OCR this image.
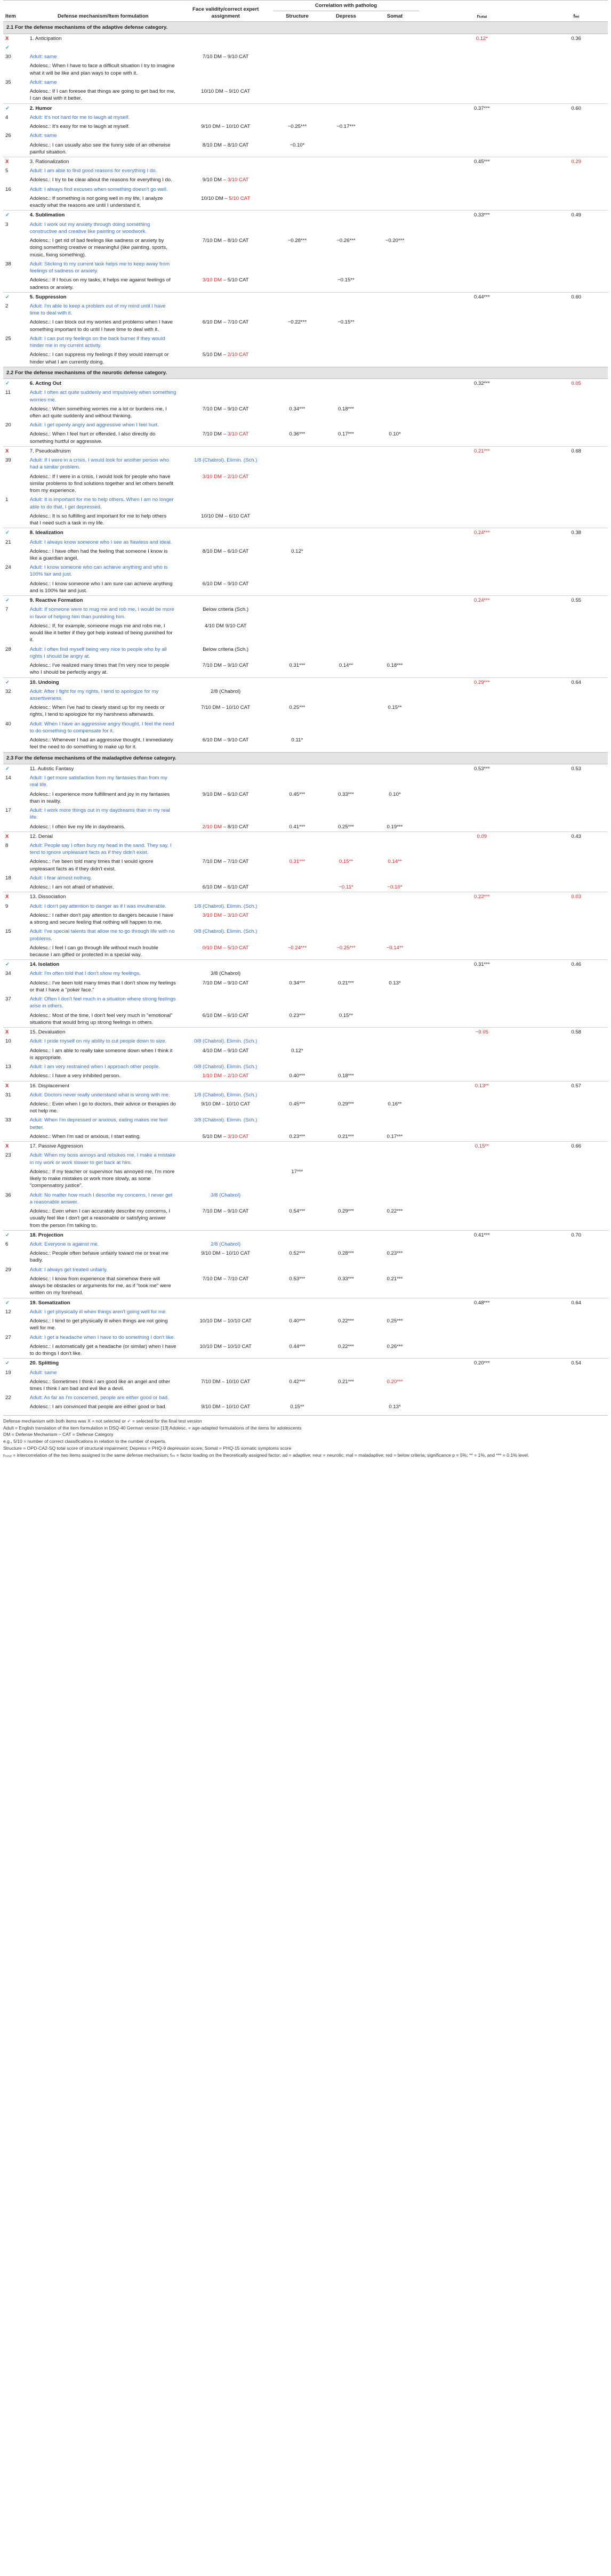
Item	Defense mechanism/Item formulation	Face validity/correct expert assignment	Correlation with patholog			rₜₒₜₐₗ	fₘₗ
			Structure	Depress	Somat		
2.1 For the defense mechanisms of the adaptive defense category.							
X	1. Anticipation					0.12*	0.36
✓							
30	Adult: same	7/10 DM – 9/10 CAT					
	Adolesc.: When I have to face a difficult situation I try to imagine what it will be like and plan ways to cope with it.						
35	Adult: same						
	Adolesc.: If I can foresee that things are going to get bad for me, I can deal with it better.	10/10 DM – 9/10 CAT					
✓	2. Humor					0.37***	0.60
4	Adult: It's not hard for me to laugh at myself.						
	Adolesc.: It's easy for me to laugh at myself.	9/10 DM – 10/10 CAT	−0.25***	−0.17***			
26	Adult: same						
	Adolesc.: I can usually also see the funny side of an otherwise painful situation.	8/10 DM – 8/10 CAT	−0.10*				
X	3. Rationalization					0.45***	0.29
5	Adult: I am able to find good reasons for everything I do.						
	Adolesc.: I try to be clear about the reasons for everything I do.	9/10 DM – 3/10 CAT					
16	Adult: I always find excuses when something doesn't go well.						
	Adolesc.: If something is not going well in my life, I analyze exactly what the reasons are until I understand it.	10/10 DM – 5/10 CAT					
✓	4. Sublimation					0.33***	0.49
3	Adult: I work out my anxiety through doing something constructive and creative like painting or woodwork.						
	Adolesc.: I get rid of bad feelings like sadness or anxiety by doing something creative or meaningful (like painting, sports, music, fixing something).	7/10 DM – 8/10 CAT	−0.28***	−0.26***	−0.20***		
38	Adult: Sticking to my current task helps me to keep away from feelings of sadness or anxiety.						
	Adolesc.: If I focus on my tasks, it helps me against feelings of sadness or anxiety.	3/10 DM – 5/10 CAT		−0.15**			
✓	5. Suppression					0.44***	0.60
2	Adult: I'm able to keep a problem out of my mind until I have time to deal with it.						
	Adolesc.: I can block out my worries and problems when I have something important to do until I have time to deal with it.	6/10 DM – 7/10 CAT	−0.22***	−0.15**			
25	Adult: I can put my feelings on the back burner if they would hinder me in my current activity.						
	Adolesc.: I can suppress my feelings if they would interrupt or hinder what I am currently doing.	5/10 DM – 2/10 CAT					
2.2 For the defense mechanisms of the neurotic defense category.							
✓	6. Acting Out					0.32***	0.05
11	Adult: I often act quite suddenly and impulsively when something worries me.						
	Adolesc.: When something worries me a lot or burdens me, I often act quite suddenly and without thinking.	7/10 DM – 9/10 CAT	0.34***	0.18***			
20	Adult: I get openly angry and aggressive when I feel hurt.						
	Adolesc.: When I feel hurt or offended, I also directly do something hurtful or aggressive.	7/10 DM – 3/10 CAT	0.36***	0.17***	0.10*		
X	7. Pseudoaltruism					0.21***	0.68
39	Adult: If I were in a crisis, I would look for another person who had a similar problem.	1/8 (Chabrol). Elimin. (Sch.)					
	Adolesc.: If I were in a crisis, I would look for people who have similar problems to find solutions together and let others benefit from my experience.	3/10 DM – 2/10 CAT					
1	Adult: It is important for me to help others. When I am no longer able to do that, I get depressed.						
	Adolesc.: It is so fulfilling and important for me to help others that I need such a task in my life.	10/10 DM – 6/10 CAT					
✓	8. Idealization					0.24***	0.38
21	Adult: I always know someone who I see as flawless and ideal.						
	Adolesc.: I have often had the feeling that someone I know is like a guardian angel.	8/10 DM – 6/10 CAT	0.12*				
24	Adult: I know someone who can achieve anything and who is 100% fair and just.						
	Adolesc.: I know someone who I am sure can achieve anything and is 100% fair and just.	6/10 DM – 9/10 CAT					
✓	9. Reactive Formation					0.24***	0.55
7	Adult: If someone were to mug me and rob me, I would be more in favor of helping him than punishing him.	Below criteria (Sch.)					
	Adolesc.: If, for example, someone mugs me and robs me, I would like it better if they got help instead of being punished for it.	4/10 DM 9/10 CAT					
28	Adult: I often find myself being very nice to people who by all rights I should be angry at.	Below criteria (Sch.)					
	Adolesc.: I've realized many times that I'm very nice to people who I should be perfectly angry at.	7/10 DM – 9/10 CAT	0.31***	0.14**	0.18***		
✓	10. Undoing					0.29***	0.64
32	Adult: After I fight for my rights, I tend to apologize for my assertiveness.	2/8 (Chabrol)					
	Adolesc.: When I've had to clearly stand up for my needs or rights, I tend to apologize for my harshness afterwards.	7/10 DM – 10/10 CAT	0.25***		0.15**		
40	Adult: When I have an aggressive angry thought, I feel the need to do something to compensate for it.						
	Adolesc.: Whenever I had an aggressive thought, I immediately feel the need to do something to make up for it.	6/10 DM – 9/10 CAT	0.11*				
2.3 For the defense mechanisms of the maladaptive defense category.							
✓	11. Autistic Fantasy					0.53***	0.53
14	Adult: I get more satisfaction from my fantasies than from my real life.						
	Adolesc.: I experience more fulfillment and joy in my fantasies than in reality.	9/10 DM – 6/10 CAT	0.45***	0.33***	0.10*		
17	Adult: I work more things out in my daydreams than in my real life.						
	Adolesc.: I often live my life in daydreams.	2/10 DM – 8/10 CAT	0.41***	0.25***	0.19***		
X	12. Denial					0.09	0.43
8	Adult: People say I often bury my head in the sand. They say, I tend to ignore unpleasant facts as if they didn't exist.						
	Adolesc.: I've been told many times that I would ignore unpleasant facts as if they didn't exist.	7/10 DM – 7/10 CAT	0.31***	0.15**	0.14**		
18	Adult: I fear almost nothing.						
	Adolesc.: I am not afraid of whatever.	6/10 DM – 6/10 CAT		−0.11*	−0.10*		
X	13. Dissociation					0.22***	0.03
9	Adult: I don't pay attention to danger as if I was invulnerable.	1/8 (Chabrol). Elimin. (Sch.)					
	Adolesc.: I rather don't pay attention to dangers because I have a strong and secure feeling that nothing will happen to me.	3/10 DM – 3/10 CAT					
15	Adult: I've special talents that allow me to go through life with no problems.	0/8 (Chabrol). Elimin. (Sch.)					
	Adolesc.: I feel I can go through life without much trouble because I am gifted or protected in a special way.	0/10 DM – 5/10 CAT	−0.24***	−0.25***	−0.14**		
✓	14. Isolation					0.31***	0.46
34	Adult: I'm often told that I don't show my feelings.	3/8 (Chabrol)					
	Adolesc.: I've been told many times that I don't show my feelings or that I have a "poker face."	7/10 DM – 9/10 CAT	0.34***	0.21***	0.13*		
37	Adult: Often I don't feel much in a situation where strong feelings arise in others.						
	Adolesc.: Most of the time, I don't feel very much in "emotional" situations that would bring up strong feelings in others.	6/10 DM – 6/10 CAT	0.23***	0.15**			
X	15. Devaluation					−0.05	0.58
10	Adult: I pride myself on my ability to cut people down to size.	0/8 (Chabrol). Elimin. (Sch.)					
	Adolesc.: I am able to really take someone down when I think it is appropriate.	4/10 DM – 9/10 CAT	0.12*				
13	Adult: I am very restrained when I approach other people.	0/8 (Chabrol). Elimin. (Sch.)					
	Adolesc.: I have a very inhibited person.	1/10 DM – 2/10 CAT	0.40***	0.18***			
X	16. Displacement					0.13**	0.57
31	Adult: Doctors never really understand what is wrong with me.	1/8 (Chabrol), Elimin. (Sch.)					
	Adolesc.: Even when I go to doctors, their advice or therapies do not help me.	9/10 DM – 10/10 CAT	0.45***	0.29***	0.16**		
33	Adult: When I'm depressed or anxious, eating makes me feel better.	3/8 (Chabrol). Elimin. (Sch.)					
	Adolesc.: When I'm sad or anxious, I start eating.	5/10 DM – 3/10 CAT	0.23***	0.21***	0.17***		
X	17. Passive Aggression					0.15**	0.66
23	Adult: When my boss annoys and rebukes me, I make a mistake in my work or work slower to get back at him.						
	Adolesc.: If my teacher or supervisor has annoyed me, I'm more likely to make mistakes or work more slowly, as some "compensatory justice".		17***				
36	Adult: No matter how much I describe my concerns, I never get a reasonable answer.	3/8 (Chabrol)					
	Adolesc.: Even when I can accurately describe my concerns, I usually feel like I don't get a reasonable or satisfying answer from the person I'm talking to.	7/10 DM – 9/10 CAT	0.54***	0.29***	0.22***		
✓	18. Projection					0.41***	0.70
6	Adult: Everyone is against me.	2/8 (Chabrol)					
	Adolesc.: People often behave unfairly toward me or treat me badly.	9/10 DM – 10/10 CAT	0.52***	0.28***	0.23***		
29	Adult: I always get treated unfairly.						
	Adolesc.: I know from experience that somehow there will always be obstacles or arguments for me, as if "took me" were written on my forehead.	7/10 DM – 7/10 CAT	0.53***	0.33***	0.21***		
✓	19. Somatization					0.48***	0.64
12	Adult: I get physically ill when things aren't going well for me.						
	Adolesc.: I tend to get physically ill when things are not going well for me.	10/10 DM – 10/10 CAT	0.40***	0.22***	0.25***		
27	Adult: I get a headache when I have to do something I don't like.						
	Adolesc.: I automatically get a headache (or similar) when I have to do things I don't like.	10/10 DM – 10/10 CAT	0.44***	0.22***	0.26***		
✓	20. Splitting					0.20***	0.54
19	Adult: same						
	Adolesc.: Sometimes I think I am good like an angel and other times I think I am bad and evil like a devil.	7/10 DM – 10/10 CAT	0.42***	0.21***	0.20***		
22	Adult: As far as I'm concerned, people are either good or bad.						
	Adolesc.: I am convinced that people are either good or bad.	9/10 DM – 10/10 CAT	0.15**		0.13*		
Defense mechanism with both items was X = not selected or ✓ = selected for the final test version
Adult = English translation of the item formulation in DSQ-40 German version [13] Adolesc. = age-adapted formulations of the items for adolescents
DM = Defense Mechanism – CAT = Defense Category
e.g., 5/10 = number of correct classifications in relation to the number of experts.
Structure = OPD-CA2-SQ total score of structural impairment; Depress = PHQ-9 depression score; Somat = PHQ-15 somatic symptoms score
rₜₒₜₐₗ = intercorrelation of the two items assigned to the same defense mechanism; fₘₗ = factor loading on the theoretically assigned factor; ad = adaptive; neur = neurotic; mal = maladaptive; red = below criteria; significance p = 5%; ** = 1%, and *** = 0.1% level.
